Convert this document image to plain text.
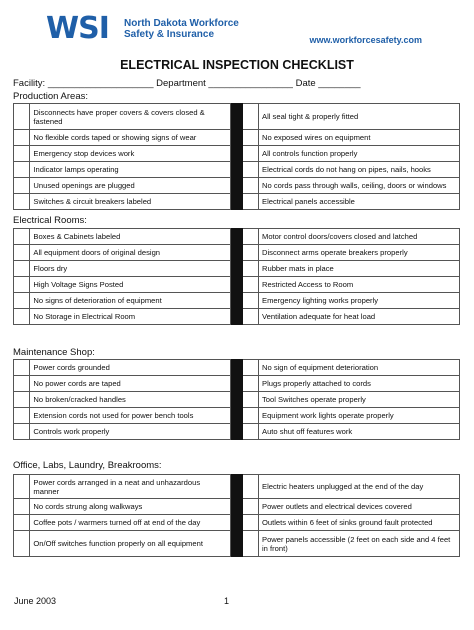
WSI North Dakota Workforce
Safety & Insurance	www.workforcesafety.com
ELECTRICAL INSPECTION CHECKLIST
Facility: ____________________ Department ________________ Date ________
Production Areas:
	Disconnects have proper covers & covers closed & fastened			All seal tight & properly fitted
	No flexible cords taped or showing signs of wear			No exposed wires on equipment
	Emergency stop devices work			All controls function properly
	Indicator lamps operating			Electrical cords do not hang on pipes, nails, hooks
	Unused openings are plugged			No cords pass through walls, ceiling, doors or windows
	Switches & circuit breakers labeled			Electrical panels accessible
Electrical Rooms:
	Boxes & Cabinets labeled			Motor control doors/covers closed and latched
	All equipment doors of original design			Disconnect arms operate breakers properly
	Floors dry			Rubber mats in place
	High Voltage Signs Posted			Restricted Access to Room
	No signs of deterioration of equipment			Emergency lighting works properly
	No Storage in Electrical Room			Ventilation adequate for heat load
Maintenance Shop:
	Power cords grounded			No sign of equipment deterioration
	No power cords are taped			Plugs properly attached to cords
	No broken/cracked handles			Tool Switches operate properly
	Extension cords not used for power bench tools			Equipment work lights operate properly
	Controls work properly			Auto shut off features work
Office, Labs, Laundry, Breakrooms:
	Power cords arranged in a neat and unhazardous manner			Electric heaters unplugged at the end of the day
	No cords strung along walkways			Power outlets and electrical devices covered
	Coffee pots / warmers turned off at end of the day			Outlets within 6 feet of sinks ground fault protected
	On/Off switches function properly on all equipment			Power panels accessible (2 feet on each side and 4 feet in front)
June 2003	1
